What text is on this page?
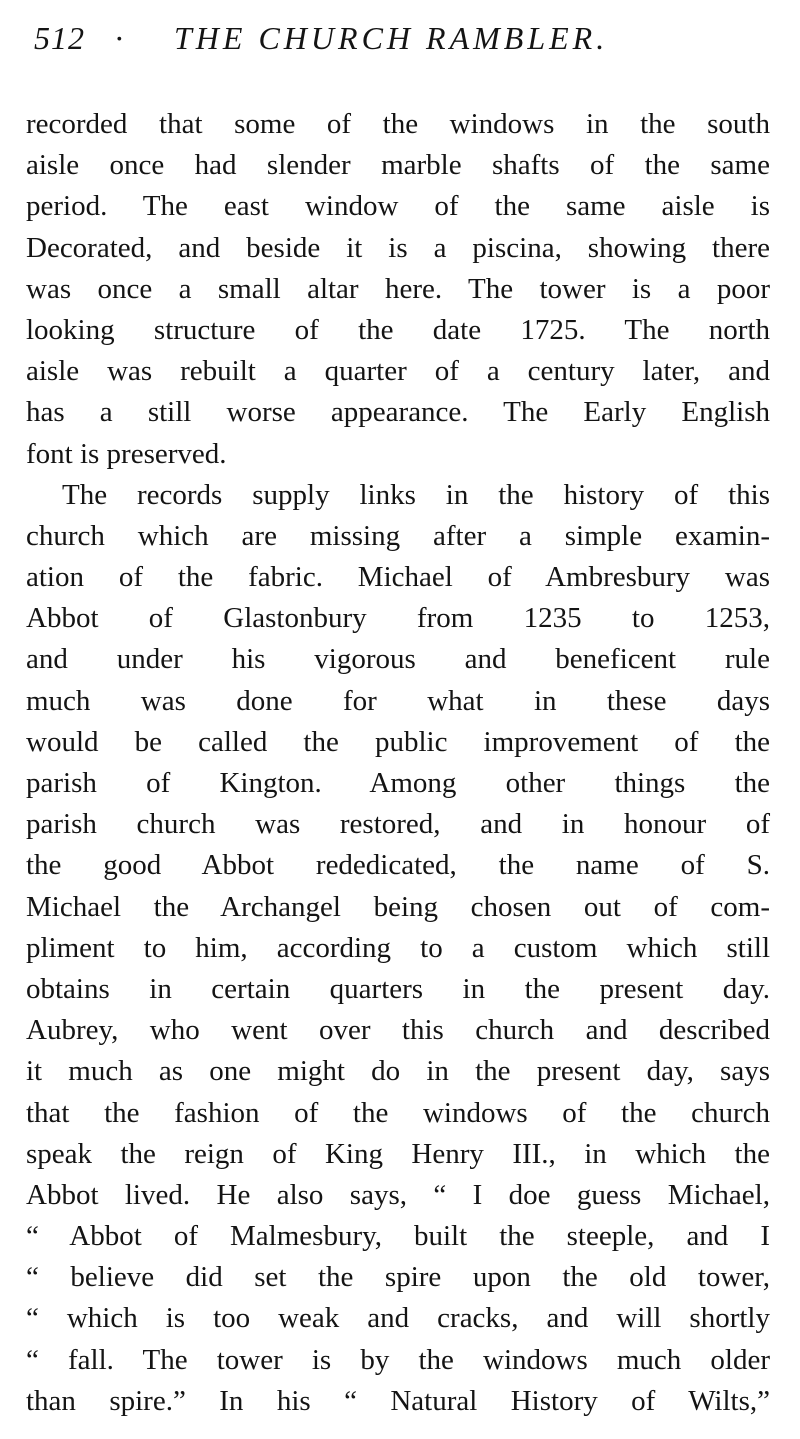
512 · THE CHURCH RAMBLER.
recorded that some of the windows in the south
aisle once had slender marble shafts of the same
period. The east window of the same aisle is
Decorated, and beside it is a piscina, showing there
was once a small altar here. The tower is a poor
looking structure of the date 1725. The north
aisle was rebuilt a quarter of a century later, and
has a still worse appearance. The Early English
font is preserved.
The records supply links in the history of this
church which are missing after a simple examin-
ation of the fabric. Michael of Ambresbury was
Abbot of Glastonbury from 1235 to 1253,
and under his vigorous and beneficent rule
much was done for what in these days
would be called the public improvement of the
parish of Kington. Among other things the
parish church was restored, and in honour of
the good Abbot rededicated, the name of S.
Michael the Archangel being chosen out of com-
pliment to him, according to a custom which still
obtains in certain quarters in the present day.
Aubrey, who went over this church and described
it much as one might do in the present day, says
that the fashion of the windows of the church
speak the reign of King Henry III., in which the
Abbot lived. He also says, “ I doe guess Michael,
“ Abbot of Malmesbury, built the steeple, and I
“ believe did set the spire upon the old tower,
“ which is too weak and cracks, and will shortly
“ fall. The tower is by the windows much older
than spire.” In his “ Natural History of Wilts,”
